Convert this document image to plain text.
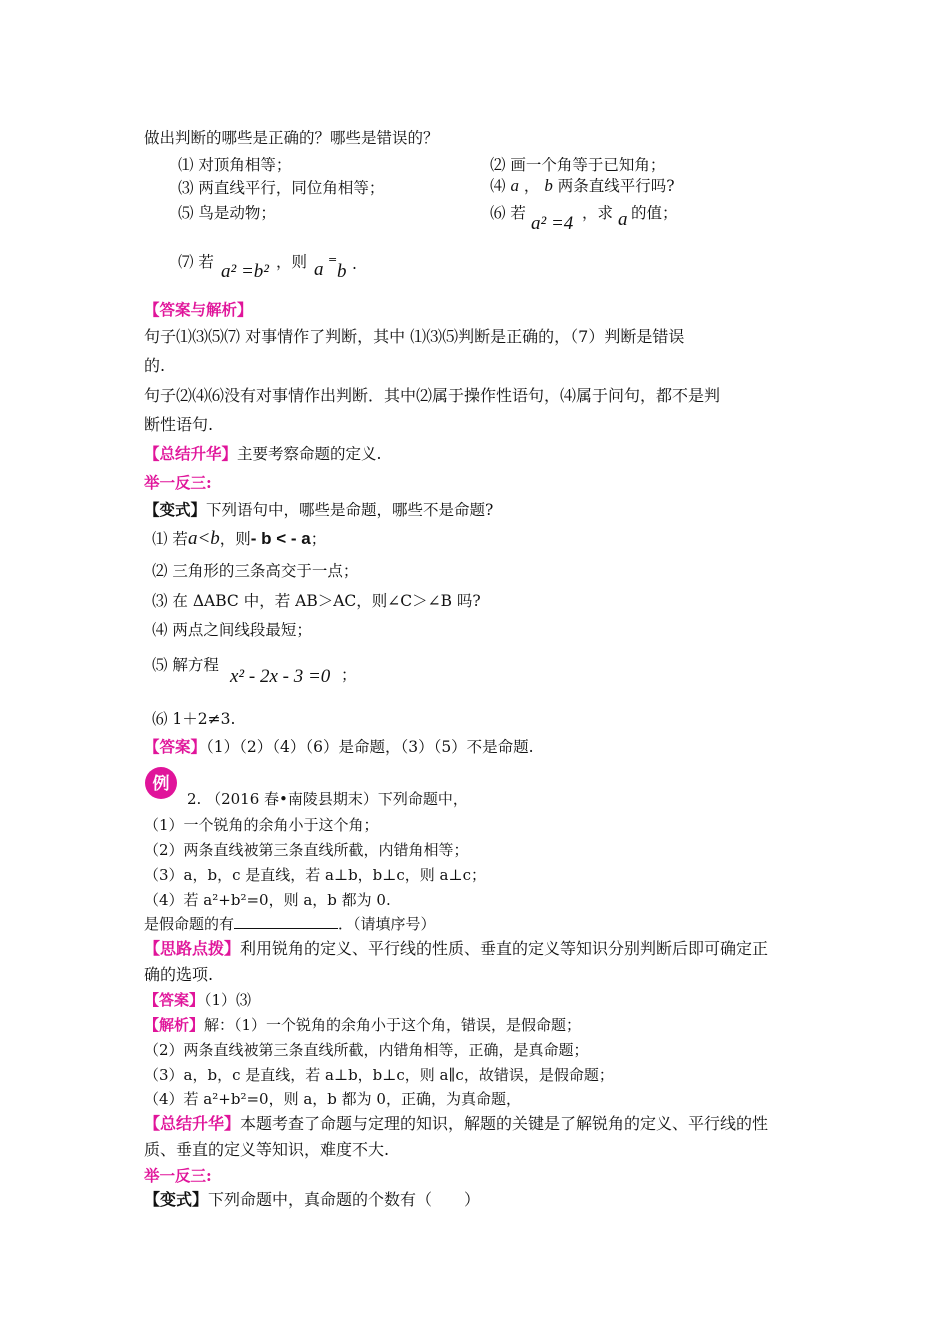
做出判断的哪些是正确的？哪些是错误的？
⑴ 对顶角相等；	⑵ 画一个角等于已知角；
⑶ 两直线平行，同位角相等；	⑷ a ， b 两条直线平行吗?
⑸ 鸟是动物；	⑹ 若 a² =4 ，求 a 的值；
⑺ 若 a² =b² ，则 a =
b .
【答案与解析】
句子⑴⑶⑸⑺ 对事情作了判断，其中 ⑴⑶⑸判断是正确的，（7）判断是错误
的.
句子⑵⑷⑹没有对事情作出判断．其中⑵属于操作性语句，⑷属于问句，都不是判
断性语句.
【总结升华】主要考察命题的定义.
举一反三:
【变式】下列语句中，哪些是命题，哪些不是命题?
⑴ 若a<b，则- b < - a；
⑵ 三角形的三条高交于一点；
⑶ 在 ΔABC 中，若 AB＞AC，则∠C＞∠B 吗?
⑷ 两点之间线段最短；
⑸ 解方程
x² - 2x - 3 =0 ；
⑹ 1＋2≠3.
【答案】（1）（2）（4）（6）是命题，（3）（5）不是命题.
例
2. （2016 春•南陵县期末）下列命题中，
（1）一个锐角的余角小于这个角；
（2）两条直线被第三条直线所截，内错角相等；
（3）a，b，c 是直线，若 a⊥b，b⊥c，则 a⊥c；
（4）若 a²+b²=0，则 a，b 都为 0.
是假命题的有	．（请填序号）
【思路点拨】利用锐角的定义、平行线的性质、垂直的定义等知识分别判断后即可确定正
确的选项.
【答案】（1）⑶
【解析】解：（1）一个锐角的余角小于这个角，错误，是假命题；
（2）两条直线被第三条直线所截，内错角相等，正确，是真命题；
（3）a，b，c 是直线，若 a⊥b，b⊥c，则 a∥c，故错误，是假命题；
（4）若 a²+b²=0，则 a，b 都为 0，正确，为真命题，
【总结升华】本题考查了命题与定理的知识，解题的关键是了解锐角的定义、平行线的性
质、垂直的定义等知识，难度不大.
举一反三:
【变式】下列命题中，真命题的个数有（　　）
